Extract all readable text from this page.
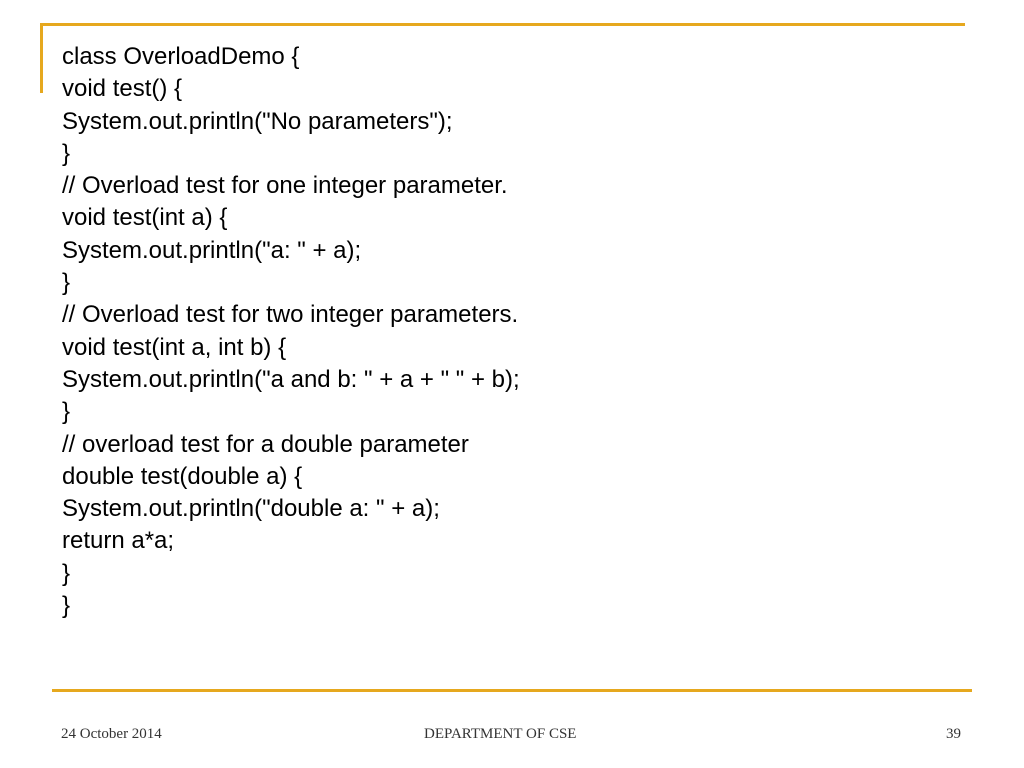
class OverloadDemo {
void test() {
System.out.println("No parameters");
}
// Overload test for one integer parameter.
void test(int a) {
System.out.println("a: " + a);
}
// Overload test for two integer parameters.
void test(int a, int b) {
System.out.println("a and b: " + a + " " + b);
}
// overload test for a double parameter
double test(double a) {
System.out.println("double a: " + a);
return a*a;
}
}
24 October 2014	DEPARTMENT OF CSE	39
